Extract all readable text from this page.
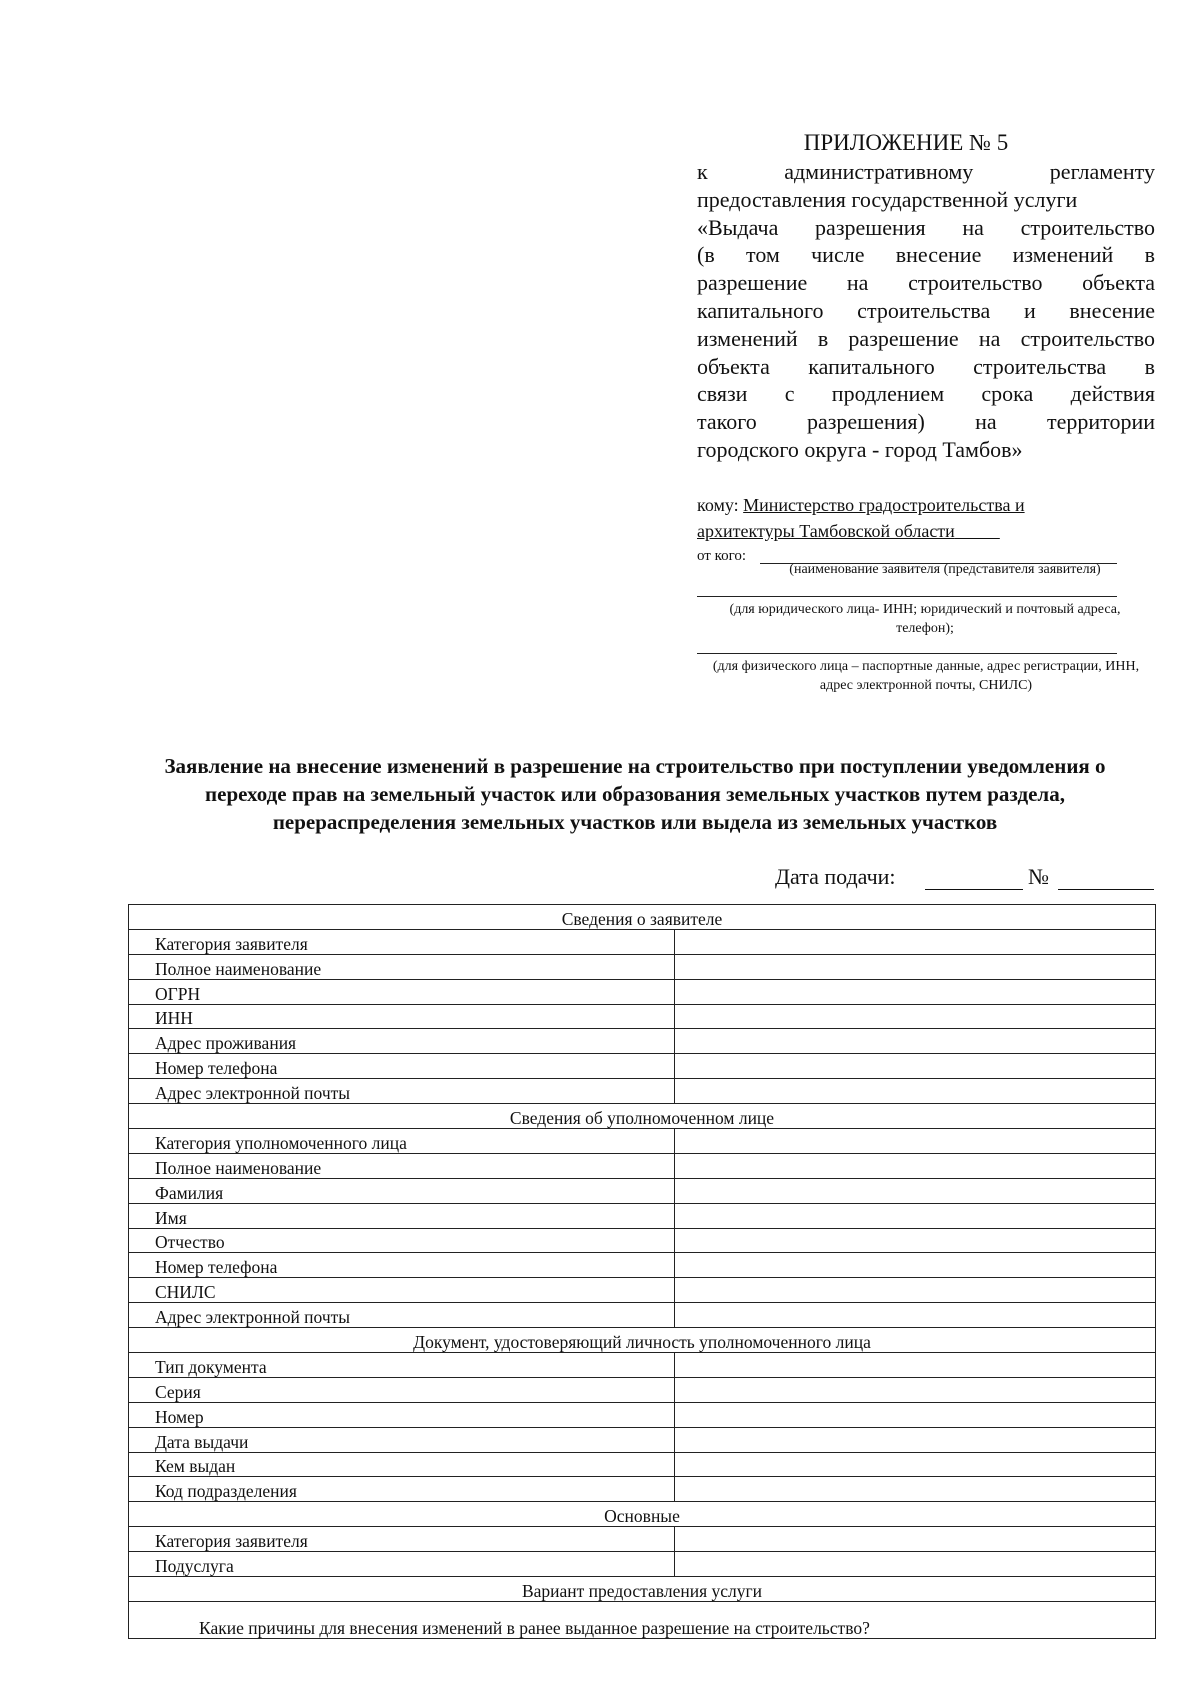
ПРИЛОЖЕНИЕ № 5
к административному регламенту
предоставления государственной услуги
«Выдача разрешения на строительство
(в том числе внесение изменений в
разрешение на строительство объекта
капитального строительства и внесение
изменений в разрешение на строительство
объекта капитального строительства в
связи с продлением срока действия
такого разрешения) на территории
городского округа - город Тамбов»
кому: Министерство градостроительства и
архитектуры Тамбовской области
от кого:
(наименование заявителя (представителя заявителя)
(для юридического лица- ИНН; юридический и почтовый адреса, телефон);
(для физического лица – паспортные данные, адрес регистрации, ИНН, адрес электронной почты, СНИЛС)
Заявление на внесение изменений в разрешение на строительство при поступлении уведомления о переходе прав на земельный участок или образования земельных участков путем раздела, перераспределения земельных участков или выдела из земельных участков
Дата подачи:	№
Сведения о заявителе	
Категория заявителя	
Полное наименование	
ОГРН	
ИНН	
Адрес проживания	
Номер телефона	
Адрес электронной почты	
Сведения об уполномоченном лице	
Категория уполномоченного лица	
Полное наименование	
Фамилия	
Имя	
Отчество	
Номер телефона	
СНИЛС	
Адрес электронной почты	
Документ, удостоверяющий личность уполномоченного лица	
Тип документа	
Серия	
Номер	
Дата выдачи	
Кем выдан	
Код подразделения	
Основные	
Категория заявителя	
Подуслуга	
Вариант предоставления услуги	
Какие причины для внесения изменений в ранее выданное разрешение на строительство?	
